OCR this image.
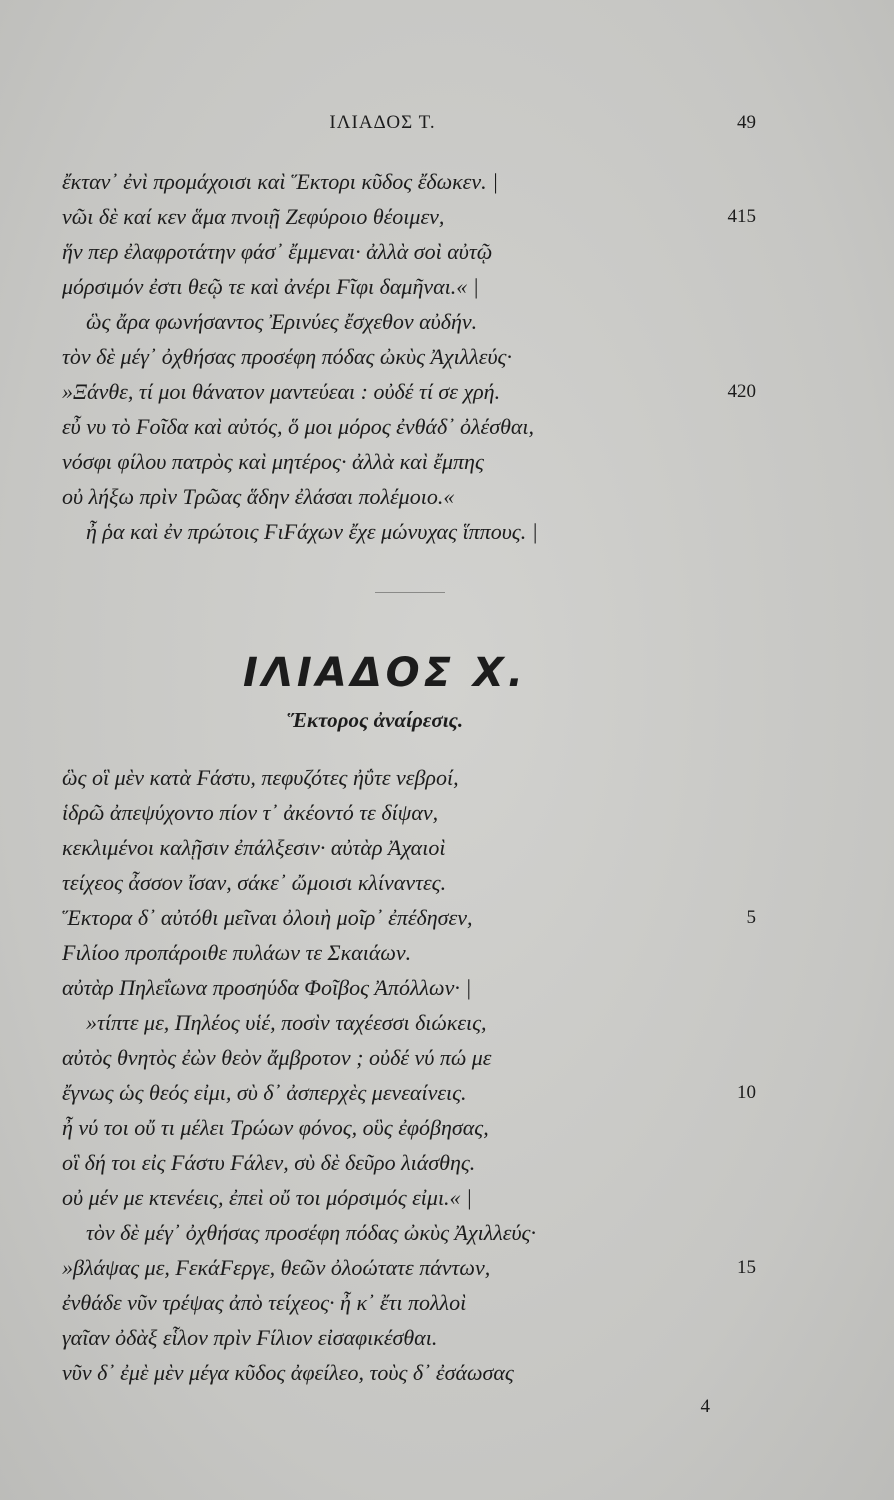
ΙΛΙΑΔΟΣ Τ.	49
ἔκταν᾿ ἐνὶ προμάχοισι καὶ Ἕκτορι κῦδος ἔδωκεν. |
νῶι δὲ καί κεν ἅμα πνοιῇ Ζεφύροιο θέοιμεν,	415
ἥν περ ἐλαφροτάτην φάσ᾿ ἔμμεναι· ἀλλὰ σοὶ αὐτῷ
μόρσιμόν ἐστι θεῷ τε καὶ ἀνέρι Ϝῖφι δαμῆναι.« |
ὣς ἄρα φωνήσαντος Ἐρινύες ἔσχεθον αὐδήν.
τὸν δὲ μέγ᾿ ὀχθήσας προσέφη πόδας ὠκὺς Ἀχιλλεύς·
»Ξάνθε, τί μοι θάνατον μαντεύεαι : οὐδέ τί σε χρή.	420
εὖ νυ τὸ Ϝοῖδα καὶ αὐτός, ὅ μοι μόρος ἐνθάδ᾿ ὀλέσθαι,
νόσφι φίλου πατρὸς καὶ μητέρος· ἀλλὰ καὶ ἔμπης
οὐ λήξω πρὶν Τρῶας ἅδην ἐλάσαι πολέμοιο.«
ἦ ῥα καὶ ἐν πρώτοις ϜιϜάχων ἔχε μώνυχας ἵππους. |
ΙΛΙΑΔΟΣ Χ.
Ἕκτορος ἀναίρεσις.
ὣς οἳ μὲν κατὰ Ϝάστυ, πεφυζότες ἠΰτε νεβροί,
ἱδρῶ ἀπεψύχοντο πίον τ᾿ ἀκέοντό τε δίψαν,
κεκλιμένοι καλῇσιν ἐπάλξεσιν· αὐτὰρ Ἀχαιοὶ
τείχεος ἆσσον ἴσαν, σάκε᾿ ὤμοισι κλίναντες.
Ἕκτορα δ᾿ αὐτόθι μεῖναι ὀλοιὴ μοῖρ᾿ ἐπέδησεν,	5
Ϝιλίοο προπάροιθε πυλάων τε Σκαιάων.
αὐτὰρ Πηλεΐωνα προσηύδα Φοῖβος Ἀπόλλων· |
»τίπτε με, Πηλέος υἱέ, ποσὶν ταχέεσσι διώκεις,
αὐτὸς θνητὸς ἐὼν θεὸν ἄμβροτον ; οὐδέ νύ πώ με
ἔγνως ὡς θεός εἰμι, σὺ δ᾿ ἀσπερχὲς μενεαίνεις.	10
ἦ νύ τοι οὔ τι μέλει Τρώων φόνος, οὓς ἐφόβησας,
οἳ δή τοι εἰς Ϝάστυ Ϝάλεν, σὺ δὲ δεῦρο λιάσθης.
οὐ μέν με κτενέεις, ἐπεὶ οὔ τοι μόρσιμός εἰμι.« |
τὸν δὲ μέγ᾿ ὀχθήσας προσέφη πόδας ὠκὺς Ἀχιλλεύς·
»βλάψας με, ϜεκάϜεργε, θεῶν ὀλοώτατε πάντων,	15
ἐνθάδε νῦν τρέψας ἀπὸ τείχεος· ἦ κ᾿ ἔτι πολλοὶ
γαῖαν ὀδὰξ εἷλον πρὶν Ϝίλιον εἰσαφικέσθαι.
νῦν δ᾿ ἐμὲ μὲν μέγα κῦδος ἀφείλεο, τοὺς δ᾿ ἐσάωσας
4
